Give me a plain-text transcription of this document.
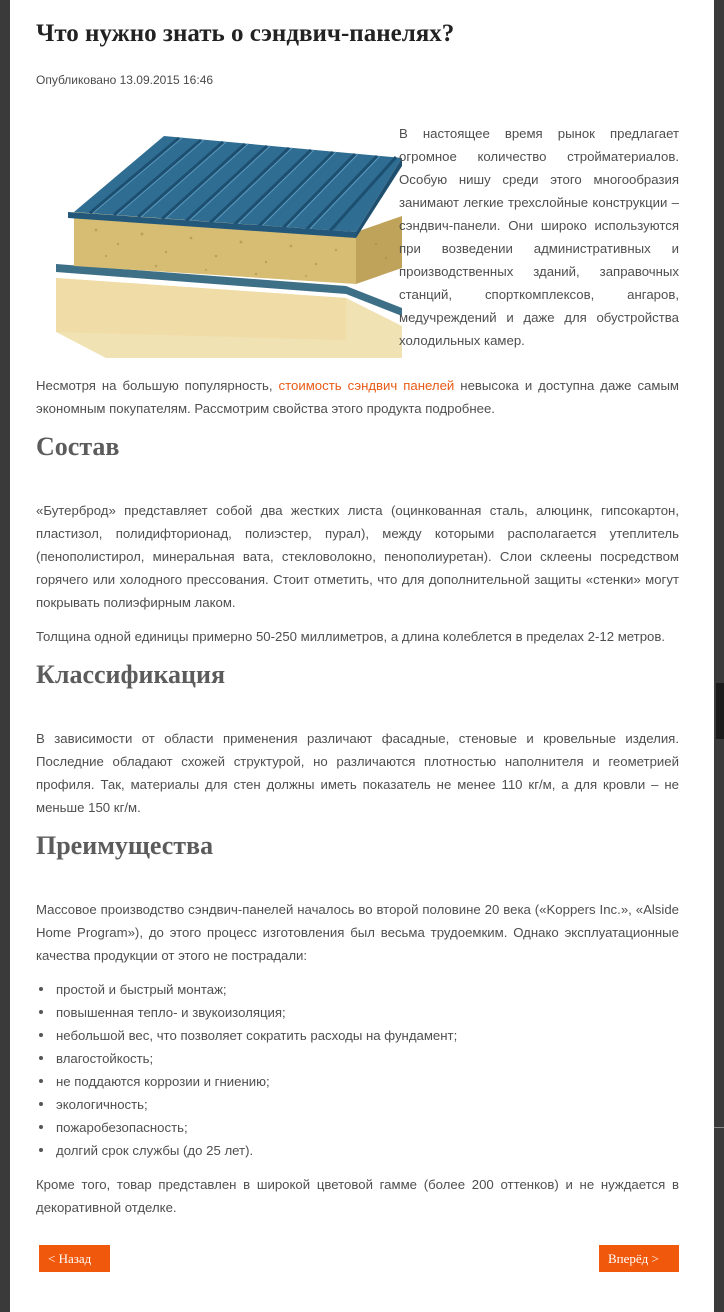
Что нужно знать о сэндвич-панелях?
Опубликовано 13.09.2015 16:46
В настоящее время рынок предлагает огромное количество стройматериалов. Особую нишу среди этого многообразия занимают легкие трехслойные конструкции – сэндвич-панели. Они широко используются при возведении административных и производственных зданий, заправочных станций, спорткомплексов, ангаров, медучреждений и даже для обустройства холодильных камер.

Несмотря на большую популярность, стоимость сэндвич панелей невысока и доступна даже самым экономным покупателям. Рассмотрим свойства этого продукта подробнее.

Состав

«Бутерброд» представляет собой два жестких листа (оцинкованная сталь, алюцинк, гипсокартон, пластизол, полидифторионад, полиэстер, пурал), между которыми располагается утеплитель (пенополистирол, минеральная вата, стекловолокно, пенополиуретан). Слои склеены посредством горячего или холодного прессования. Стоит отметить, что для дополнительной защиты «стенки» могут покрывать полиэфирным лаком.

Толщина одной единицы примерно 50-250 миллиметров, а длина колеблется в пределах 2-12 метров.

Классификация

В зависимости от области применения различают фасадные, стеновые и кровельные изделия. Последние обладают схожей структурой, но различаются плотностью наполнителя и геометрией профиля. Так, материалы для стен должны иметь показатель не менее 110 кг/м, а для кровли – не меньше 150 кг/м.

Преимущества

Массовое производство сэндвич-панелей началось во второй половине 20 века («Koppers Inc.», «Alside Home Program»), до этого процесс изготовления был весьма трудоемким. Однако эксплуатационные качества продукции от этого не пострадали:

простой и быстрый монтаж;
повышенная тепло- и звукоизоляция;
небольшой вес, что позволяет сократить расходы на фундамент;
влагостойкость;
не поддаются коррозии и гниению;
экологичность;
пожаробезопасность;
долгий срок службы (до 25 лет).

Кроме того, товар представлен в широкой цветовой гамме (более 200 оттенков) и не нуждается в декоративной отделке.

< Назад	Вперёд >
